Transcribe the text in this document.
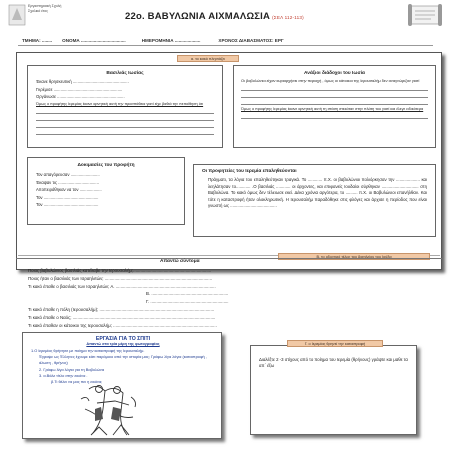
Εργαστηριακή Σχολή
Σχολικό έτος
22ο. ΒΑΒΥΛΩΝΙΑ ΑΙΧΜΑΛΩΣΙΑ (ΣΕΛ 112-113)
ΤΜΗΜΑ: ........ ΟΝΟΜΑ ...................................	ΗΜΕΡΟΜΗΝΙΑ ....................	ΧΡΟΝΟΣ ΔΙΑΒΑΣΜΑΤΟΣ: ΕΡΓ
α. το κακό πλησιάζει
Βασιλιάς Ιωσίας
Έκανε θρησκευτική ................................................
Γκρέμισε ...........................................................
Οργάνωσε ..........................................................
Όμως ο προφήτης Ιερεμίας έκανε αρνητική αυτή την προσπάθεια γιατί είχε βαθιά την πεποίθηση ότι
Ανάξιοι διάδοχοι του Ιωσία
Οι βαβυλώνιοι είχαν κυριαρχήσει στην περιοχή , όμως οι κάτοικοι της Ιερουσαλήμ δεν αναγνώριζαν γιατί
Όμως ο προφήτης Ιερεμίας έκανε αρνητική αυτή τη στάση στεκόταν στην πλάτη του γιατί και έλεγε ειδικότερα
Δοκιμασίες του προφήτη
Τον απαγόρευσαν .........................
Έκαψαν τις ...................................
Αποπειράθηκαν να τον ...................
Τον ...............................................
Τον ...............................................
Οι προφητείες του Ιερεμία επαληθεύονται
Πράγματι, τα λόγια του επαληθεύτηκαν τραγικά. Το ............ π.Χ. οι βαβυλώνιοι πολιόρκησαν την .................... και λεηλάτησαν το............ .Ο βασιλιάς ............ οι άρχοντες, και επιφανείς Ιουδαίοι σύρθηκαν ............................... στη Βαβυλώνα. Το κακό όμως δεν τέλειωσε εκεί. Δέκα χρόνια αργότερα, το .......... π.Χ. οι Βαβυλώνιοι επανήλθαν. Και τότε η καταστροφή ήταν ολοκληρωτική. Η Ιερουσαλήμ παραδόθηκε στις φλόγες και άρχισε η περίοδος που είναι γνωστή ως .......................................
Β. το οδυνηρό τέλος του βασιλείου του Ιούδα
Απαντώ σύντομα
Ποιος βαβυλώνιος βασιλιάς κατέλαβε την Ιερουσαλήμ;................................................................
Ποιος ήταν ο βασιλιάς των Ισραηλιτών; ........................................................................................
Τι κακό έπαθε ο βασιλιάς των Ισραηλιτών; Α. ..................................................................................
Β. ...............................................................
Γ. ................................................................
Τι κακό έπαθε η πόλη (Ιερουσαλήμ); ..............................................................................................
Τι κακό έπαθε ο Ναός; .....................................................................................................................
Τι κακό έπαθαν οι κάτοικοι της Ιερουσαλήμ; .....................................................................................
ΕΡΓΑΣΙΑ ΓΙΑ ΤΟ ΣΠΙΤΙ
Απαντώ στα τρία μέρη της φωτογραφίας
1.Ο Ιερεμίας θρήνησε με ποίημα την καταστροφή της Ιερουσαλήμ.
Έγραψε ως Έλληνες έχουμε κάτι παρόμοιο από την ιστορία μας; Γράφω λίγα λόγια (καταστροφή , άλωση , θρήνος)
2. Γράφω λίγα λόγια για τη Βαβυλώνα
3. α.Βάλε τίτλο στην εικόνα .
β.Τι θέλει να μας πει η εικόνα;
Γ. ο Ιερεμίας θρηνεί την καταστροφή
Διαλέξτε 2 -3 στίχους από το ποίημα του Ιερεμία (θρήνους) γράψτε και μαθε τα απ΄ έξω
